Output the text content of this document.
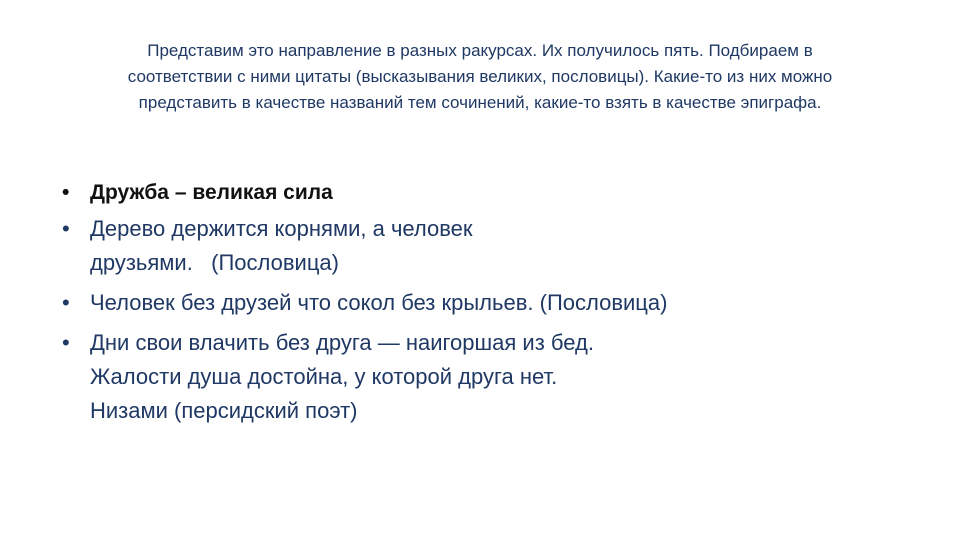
Представим это направление в разных ракурсах. Их получилось пять. Подбираем в
соответствии с ними цитаты (высказывания великих, пословицы). Какие-то из них можно
представить в качестве названий тем сочинений, какие-то взять в качестве эпиграфа.

• Дружба – великая сила
• Дерево держится корнями, а человек
друзьями.   (Пословица)
• Человек без друзей что сокол без крыльев. (Пословица)
• Дни свои влачить без друга — наигоршая из бед.
Жалости душа достойна, у которой друга нет.
Низами (персидский поэт)
